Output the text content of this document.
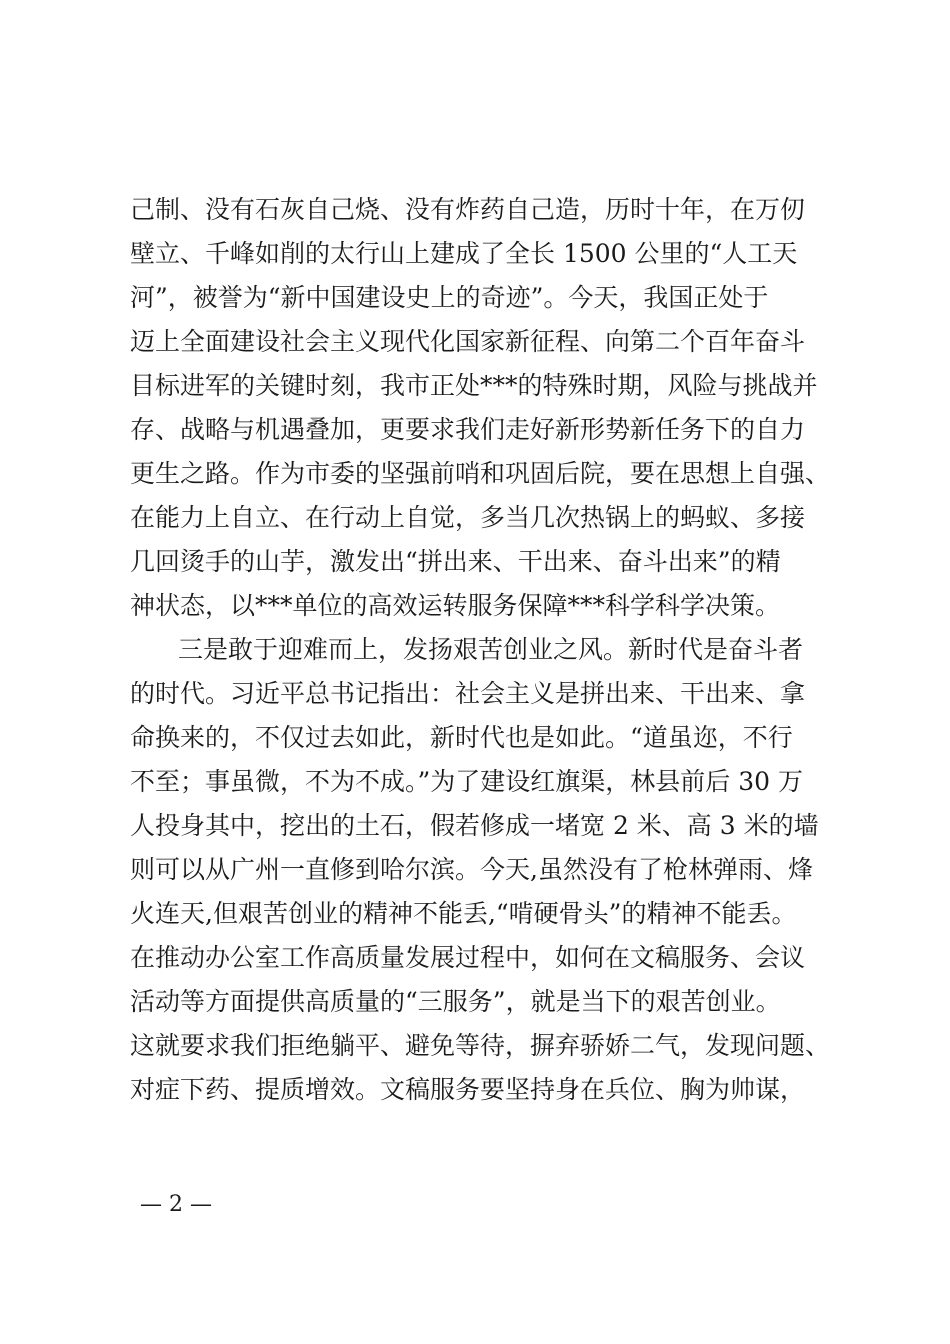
己制、没有石灰自己烧、没有炸药自己造，历时十年，在万仞
壁立、千峰如削的太行山上建成了全长 1500 公里的“人工天
河”，被誉为“新中国建设史上的奇迹”。今天，我国正处于
迈上全面建设社会主义现代化国家新征程、向第二个百年奋斗
目标进军的关键时刻，我市正处***的特殊时期，风险与挑战并
存、战略与机遇叠加，更要求我们走好新形势新任务下的自力
更生之路。作为市委的坚强前哨和巩固后院，要在思想上自强、
在能力上自立、在行动上自觉，多当几次热锅上的蚂蚁、多接
几回烫手的山芋，激发出“拼出来、干出来、奋斗出来”的精
神状态，以***单位的高效运转服务保障***科学科学决策。
三是敢于迎难而上，发扬艰苦创业之风。新时代是奋斗者
的时代。习近平总书记指出：社会主义是拼出来、干出来、拿
命换来的，不仅过去如此，新时代也是如此。“道虽迩，不行
不至；事虽微，不为不成。”为了建设红旗渠，林县前后 30 万
人投身其中，挖出的土石，假若修成一堵宽 2 米、高 3 米的墙
则可以从广州一直修到哈尔滨。今天,虽然没有了枪林弹雨、烽
火连天,但艰苦创业的精神不能丢,“啃硬骨头”的精神不能丢。
在推动办公室工作高质量发展过程中，如何在文稿服务、会议
活动等方面提供高质量的“三服务”，就是当下的艰苦创业。
这就要求我们拒绝躺平、避免等待，摒弃骄娇二气，发现问题、
对症下药、提质增效。文稿服务要坚持身在兵位、胸为帅谋，
— 2 —
